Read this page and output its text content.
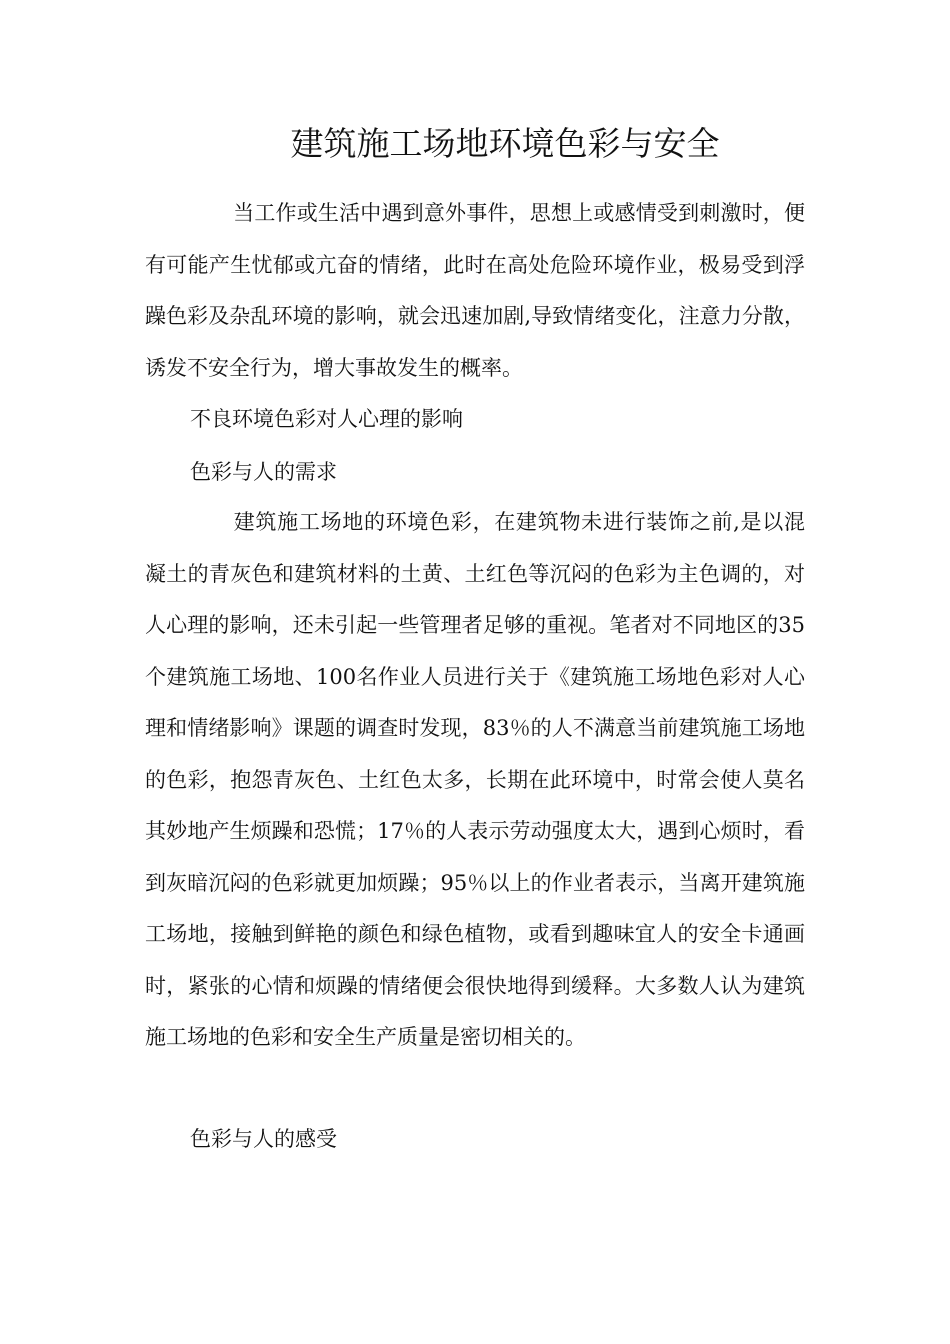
建筑施工场地环境色彩与安全
当工作或生活中遇到意外事件，思想上或感情受到刺激时，便有可能产生忧郁或亢奋的情绪，此时在高处危险环境作业，极易受到浮躁色彩及杂乱环境的影响，就会迅速加剧,导致情绪变化，注意力分散，诱发不安全行为，增大事故发生的概率。
不良环境色彩对人心理的影响
色彩与人的需求
建筑施工场地的环境色彩，在建筑物未进行装饰之前,是以混凝土的青灰色和建筑材料的土黄、土红色等沉闷的色彩为主色调的，对人心理的影响，还未引起一些管理者足够的重视。笔者对不同地区的35个建筑施工场地、100名作业人员进行关于《建筑施工场地色彩对人心理和情绪影响》课题的调查时发现，83％的人不满意当前建筑施工场地的色彩，抱怨青灰色、土红色太多，长期在此环境中，时常会使人莫名其妙地产生烦躁和恐慌；17％的人表示劳动强度太大，遇到心烦时，看到灰暗沉闷的色彩就更加烦躁；95％以上的作业者表示，当离开建筑施工场地，接触到鲜艳的颜色和绿色植物，或看到趣味宜人的安全卡通画时，紧张的心情和烦躁的情绪便会很快地得到缓释。大多数人认为建筑施工场地的色彩和安全生产质量是密切相关的。
色彩与人的感受
